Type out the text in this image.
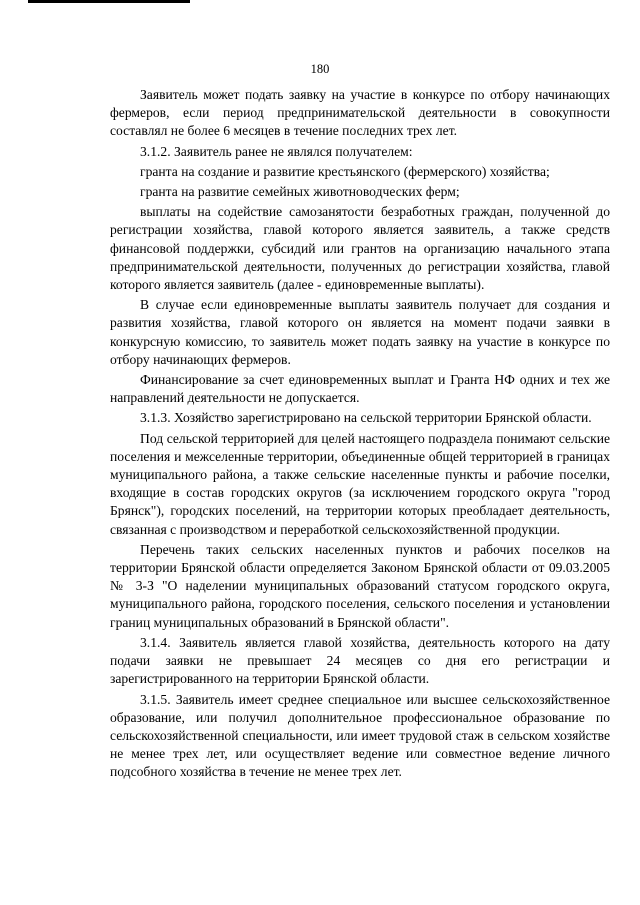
180

Заявитель может подать заявку на участие в конкурсе по отбору начинающих фермеров, если период предпринимательской деятельности в совокупности составлял не более 6 месяцев в течение последних трех лет.

3.1.2. Заявитель ранее не являлся получателем:

гранта на создание и развитие крестьянского (фермерского) хозяйства;

гранта на развитие семейных животноводческих ферм;

выплаты на содействие самозанятости безработных граждан, полученной до регистрации хозяйства, главой которого является заявитель, а также средств финансовой поддержки, субсидий или грантов на организацию начального этапа предпринимательской деятельности, полученных до регистрации хозяйства, главой которого является заявитель (далее - единовременные выплаты).

В случае если единовременные выплаты заявитель получает для создания и развития хозяйства, главой которого он является на момент подачи заявки в конкурсную комиссию, то заявитель может подать заявку на участие в конкурсе по отбору начинающих фермеров.

Финансирование за счет единовременных выплат и Гранта НФ одних и тех же направлений деятельности не допускается.

3.1.3. Хозяйство зарегистрировано на сельской территории Брянской области.

Под сельской территорией для целей настоящего подраздела понимают сельские поселения и межселенные территории, объединенные общей территорией в границах муниципального района, а также сельские населенные пункты и рабочие поселки, входящие в состав городских округов (за исключением городского округа "город Брянск"), городских поселений, на территории которых преобладает деятельность, связанная с производством и переработкой сельскохозяйственной продукции.

Перечень таких сельских населенных пунктов и рабочих поселков на территории Брянской области определяется Законом Брянской области от 09.03.2005 № 3-З "О наделении муниципальных образований статусом городского округа, муниципального района, городского поселения, сельского поселения и установлении границ муниципальных образований в Брянской области".

3.1.4. Заявитель является главой хозяйства, деятельность которого на дату подачи заявки не превышает 24 месяцев со дня его регистрации и зарегистрированного на территории Брянской области.

3.1.5. Заявитель имеет среднее специальное или высшее сельскохозяйственное образование, или получил дополнительное профессиональное образование по сельскохозяйственной специальности, или имеет трудовой стаж в сельском хозяйстве не менее трех лет, или осуществляет ведение или совместное ведение личного подсобного хозяйства в течение не менее трех лет.
